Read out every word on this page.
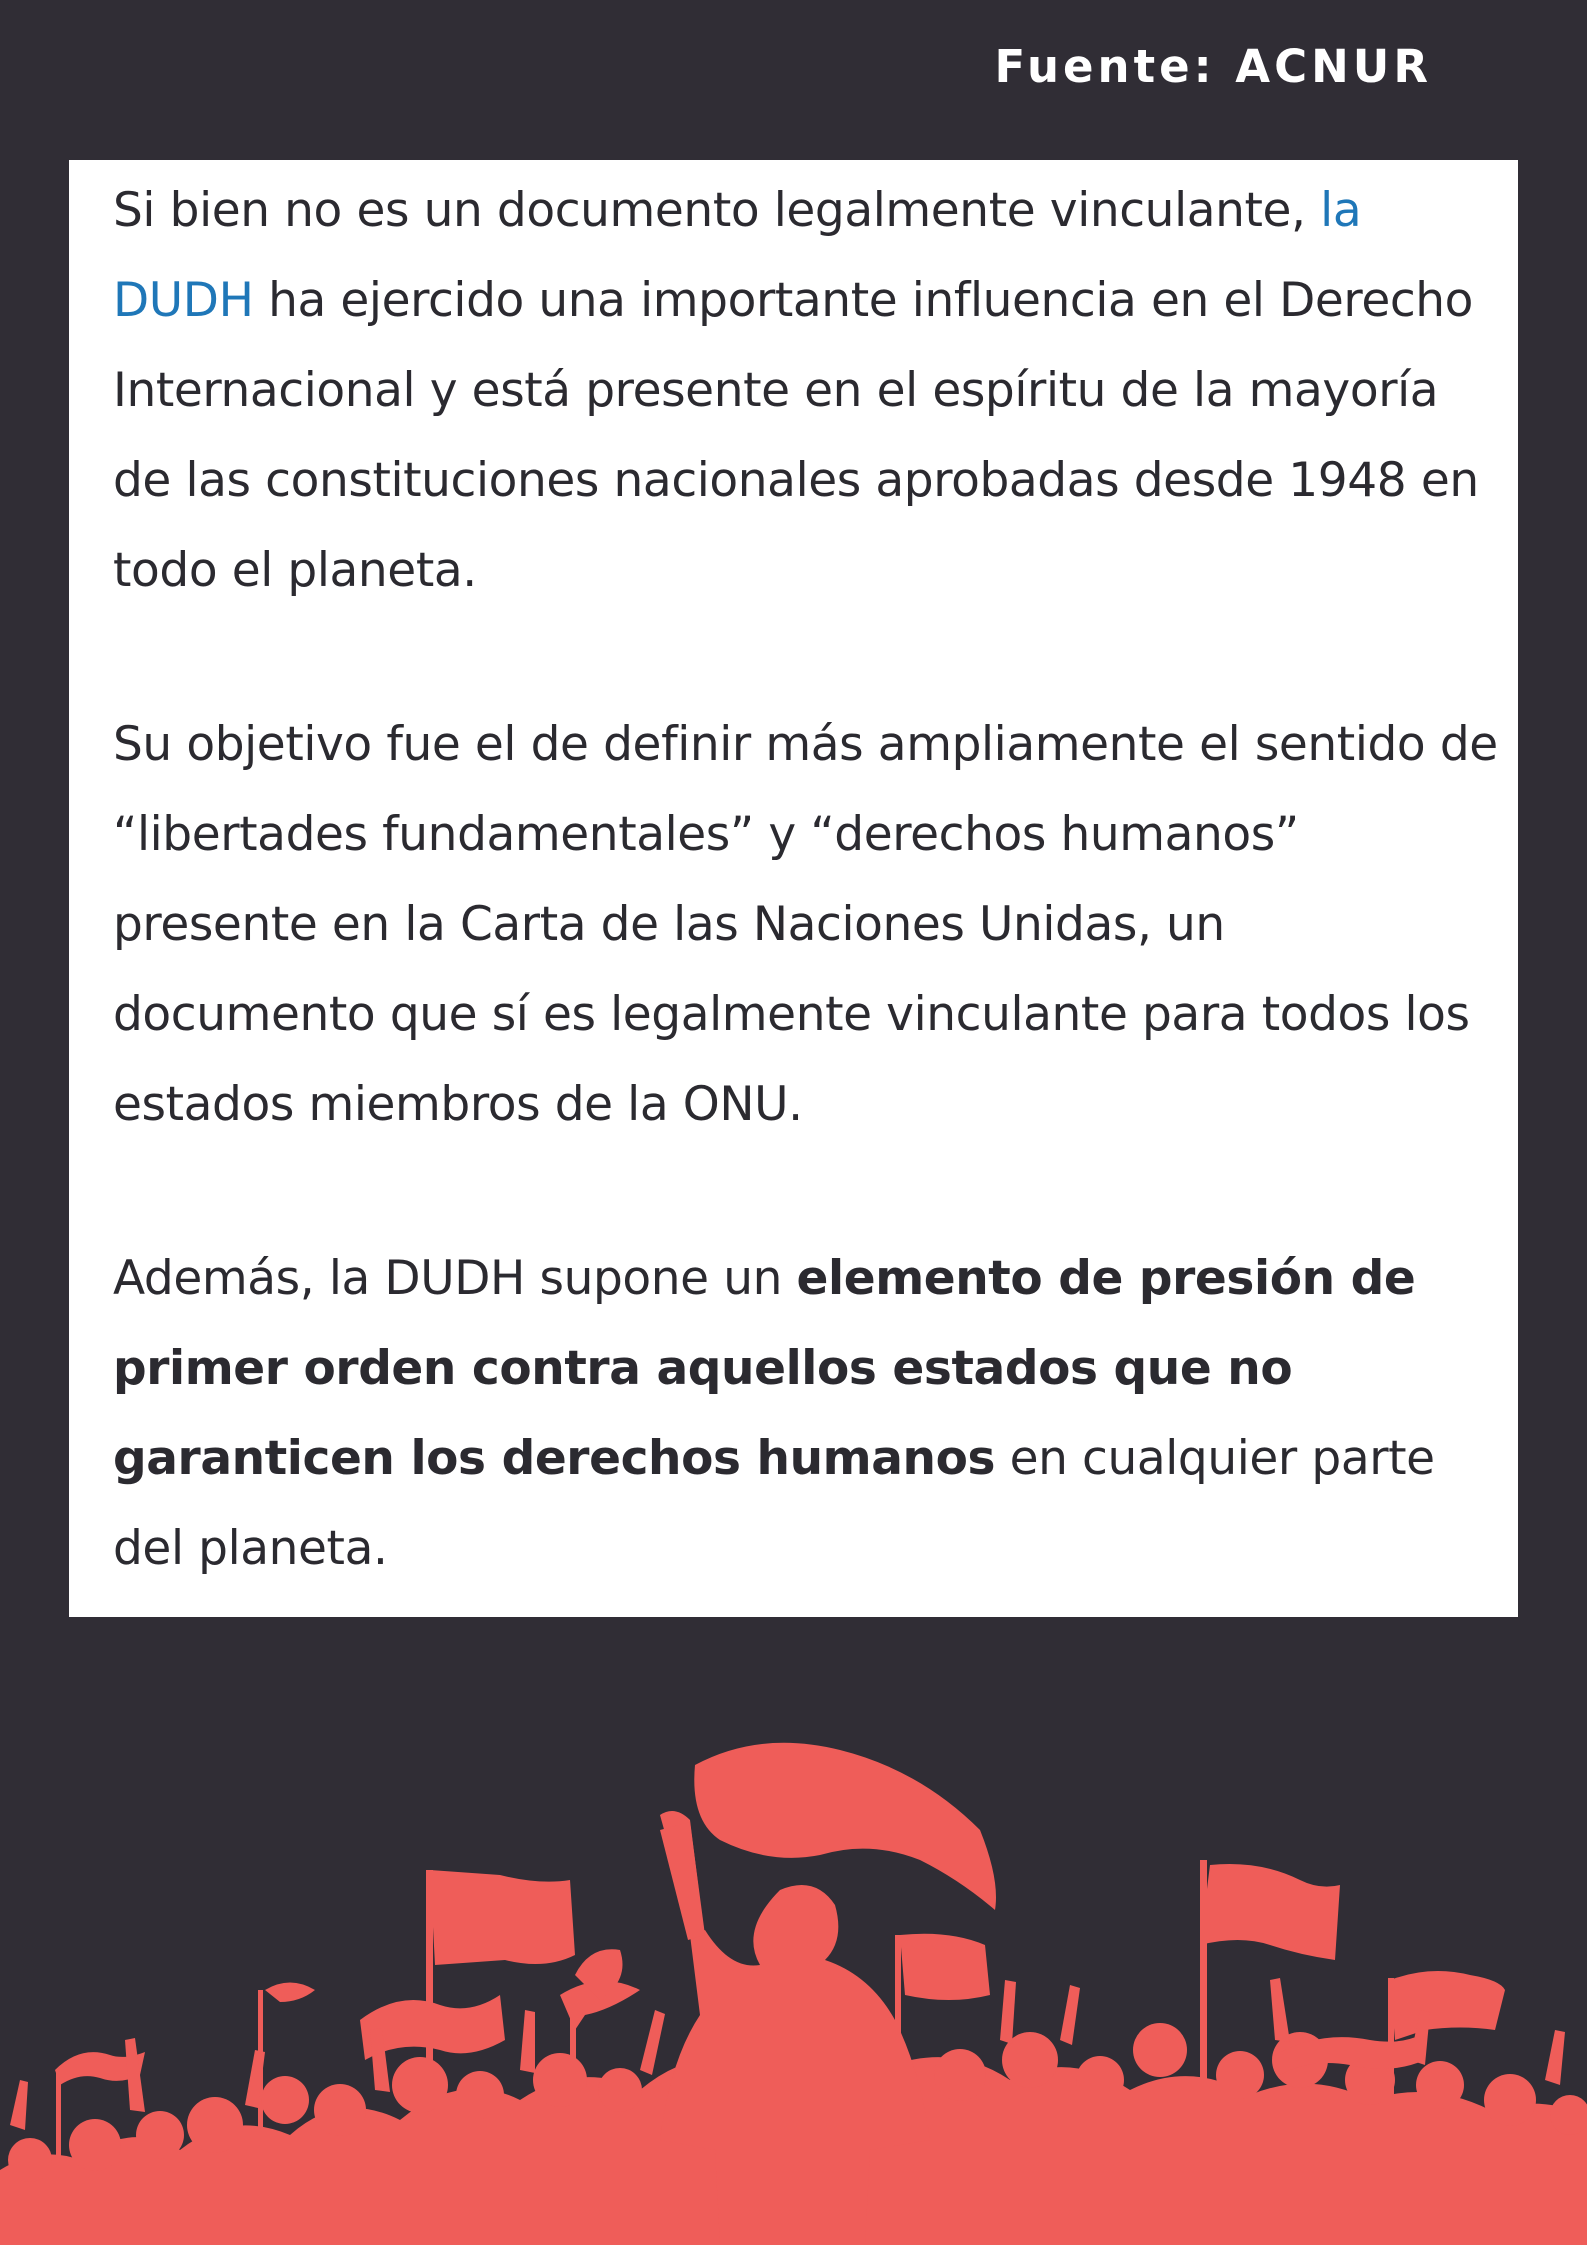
Fuente: ACNUR

Si bien no es un documento legalmente vinculante, la DUDH ha ejercido una importante influencia en el Derecho Internacional y está presente en el espíritu de la mayoría de las constituciones nacionales aprobadas desde 1948 en todo el planeta.

Su objetivo fue el de definir más ampliamente el sentido de “libertades fundamentales” y “derechos humanos” presente en la Carta de las Naciones Unidas, un documento que sí es legalmente vinculante para todos los estados miembros de la ONU.

Además, la DUDH supone un elemento de presión de primer orden contra aquellos estados que no garanticen los derechos humanos en cualquier parte del planeta.
